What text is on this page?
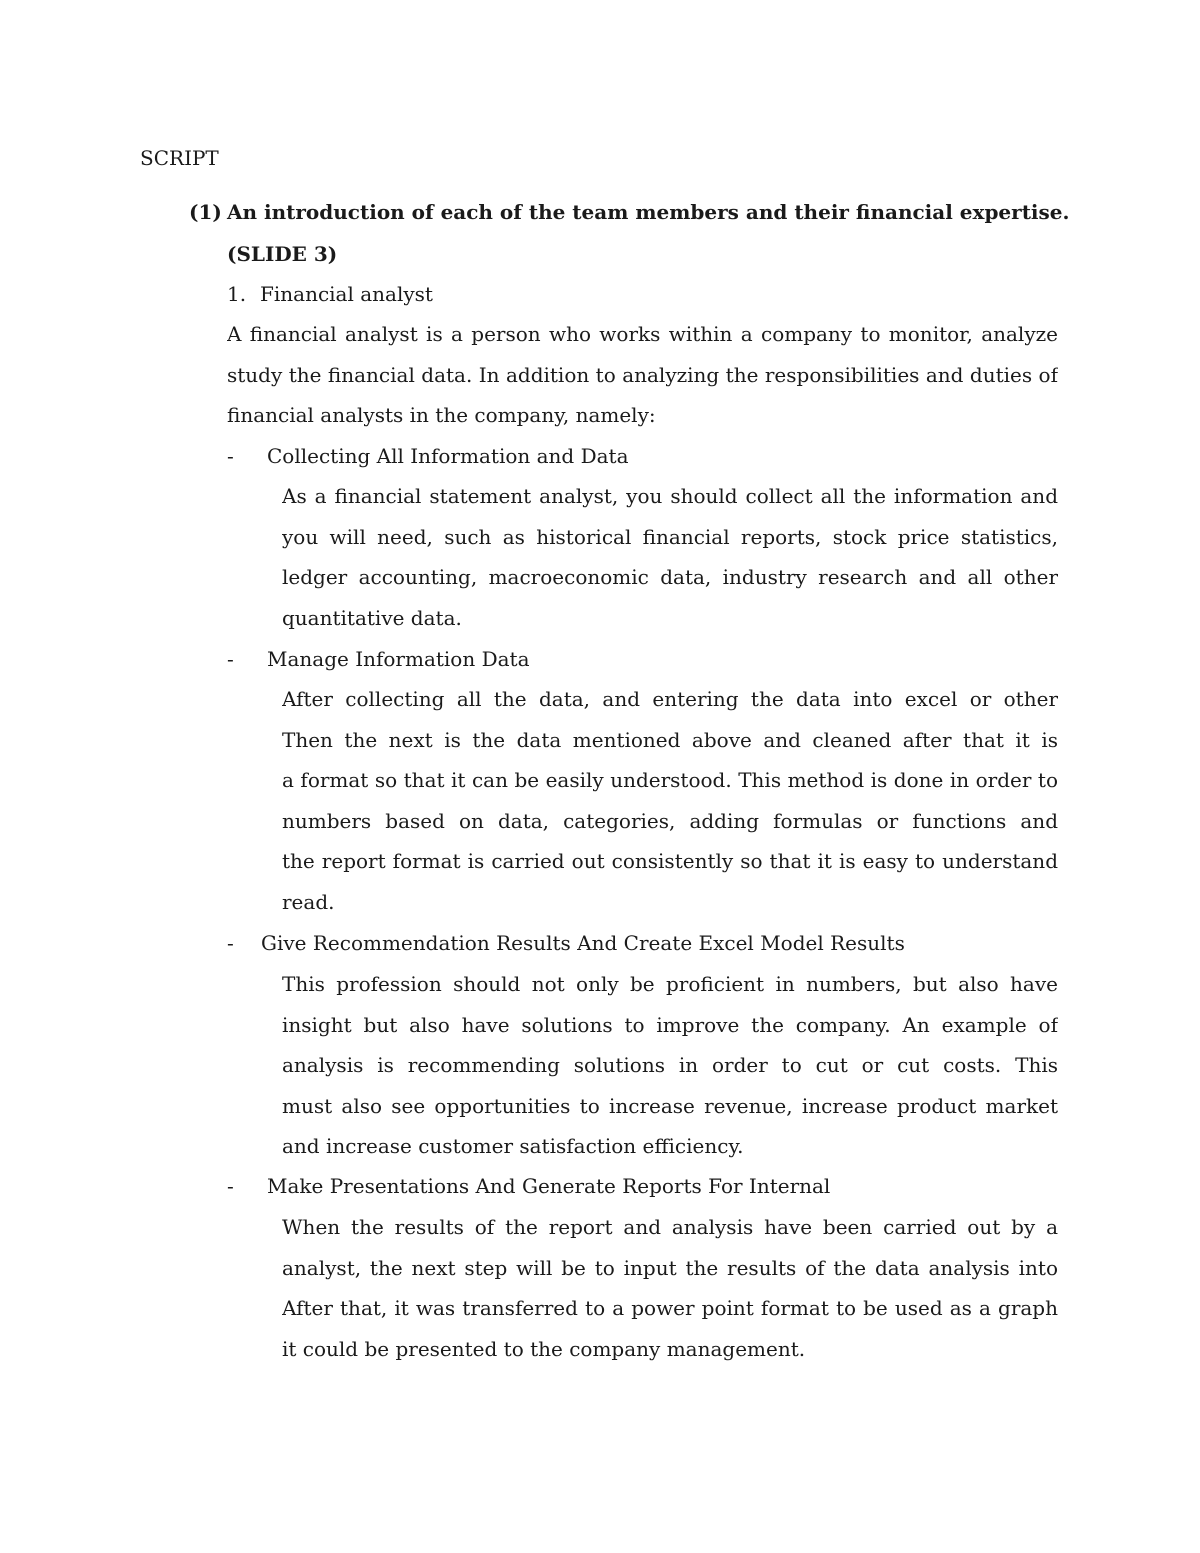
SCRIPT
(1) An introduction of each of the team members and their financial expertise.
(SLIDE 3)
1. Financial analyst
A financial analyst is a person who works within a company to monitor, analyze
study the financial data. In addition to analyzing the responsibilities and duties of
financial analysts in the company, namely:
- Collecting All Information and Data
As a financial statement analyst, you should collect all the information and
you will need, such as historical financial reports, stock price statistics,
ledger accounting, macroeconomic data, industry research and all other
quantitative data.
- Manage Information Data
After collecting all the data, and entering the data into excel or other
Then the next is the data mentioned above and cleaned after that it is
a format so that it can be easily understood. This method is done in order to
numbers based on data, categories, adding formulas or functions and
the report format is carried out consistently so that it is easy to understand
read.
- Give Recommendation Results And Create Excel Model Results
This profession should not only be proficient in numbers, but also have
insight but also have solutions to improve the company. An example of
analysis is recommending solutions in order to cut or cut costs. This
must also see opportunities to increase revenue, increase product market
and increase customer satisfaction efficiency.
- Make Presentations And Generate Reports For Internal
When the results of the report and analysis have been carried out by a
analyst, the next step will be to input the results of the data analysis into
After that, it was transferred to a power point format to be used as a graph
it could be presented to the company management.
